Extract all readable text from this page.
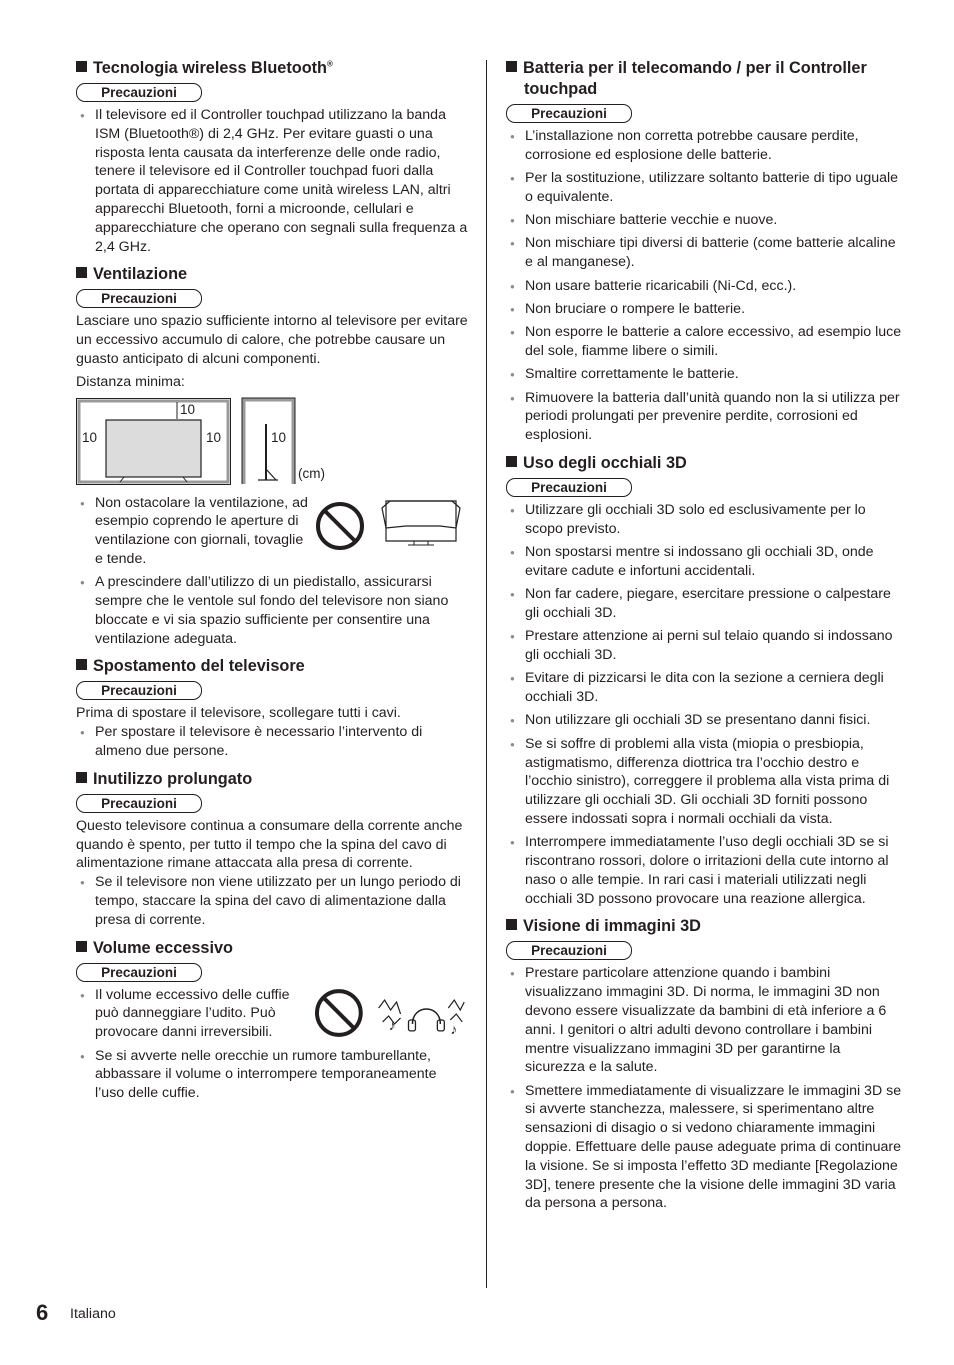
Tecnologia wireless Bluetooth®
Precauzioni
● Il televisore ed il Controller touchpad utilizzano la banda ISM (Bluetooth®) di 2,4 GHz. Per evitare guasti o una risposta lenta causata da interferenze delle onde radio, tenere il televisore ed il Controller touchpad fuori dalla portata di apparecchiature come unità wireless LAN, altri apparecchi Bluetooth, forni a microonde, cellulari e apparecchiature che operano con segnali sulla frequenza a 2,4 GHz.
Ventilazione
Precauzioni

Lasciare uno spazio sufficiente intorno al televisore per evitare un eccessivo accumulo di calore, che potrebbe causare un guasto anticipato di alcuni componenti.

Distanza minima:

10
10	10	10
(cm)
● Non ostacolare la ventilazione, ad esempio coprendo le aperture di ventilazione con giornali, tovaglie e tende.
● A prescindere dall’utilizzo di un piedistallo, assicurarsi sempre che le ventole sul fondo del televisore non siano bloccate e vi sia spazio sufficiente per consentire una ventilazione adeguata.
Spostamento del televisore
Precauzioni

Prima di spostare il televisore, scollegare tutti i cavi.

● Per spostare il televisore è necessario l’intervento di almeno due persone.
Inutilizzo prolungato
Precauzioni

Questo televisore continua a consumare della corrente anche quando è spento, per tutto il tempo che la spina del cavo di alimentazione rimane attaccata alla presa di corrente.

● Se il televisore non viene utilizzato per un lungo periodo di tempo, staccare la spina del cavo di alimentazione dalla presa di corrente.
Volume eccessivo
Precauzioni
● Il volume eccessivo delle cuffie può danneggiare l’udito. Può provocare danni irreversibili.	♪	♪
● Se si avverte nelle orecchie un rumore tamburellante, abbassare il volume o interrompere temporaneamente l’uso delle cuffie.
Batteria per il telecomando / per il Controller touchpad
Precauzioni
● L’installazione non corretta potrebbe causare perdite, corrosione ed esplosione delle batterie.
● Per la sostituzione, utilizzare soltanto batterie di tipo uguale o equivalente.
● Non mischiare batterie vecchie e nuove.
● Non mischiare tipi diversi di batterie (come batterie alcaline e al manganese).
● Non usare batterie ricaricabili (Ni-Cd, ecc.).
● Non bruciare o rompere le batterie.
● Non esporre le batterie a calore eccessivo, ad esempio luce del sole, fiamme libere o simili.
● Smaltire correttamente le batterie.
● Rimuovere la batteria dall’unità quando non la si utilizza per periodi prolungati per prevenire perdite, corrosioni ed esplosioni.
Uso degli occhiali 3D
Precauzioni
● Utilizzare gli occhiali 3D solo ed esclusivamente per lo scopo previsto.
● Non spostarsi mentre si indossano gli occhiali 3D, onde evitare cadute e infortuni accidentali.
● Non far cadere, piegare, esercitare pressione o calpestare gli occhiali 3D.
● Prestare attenzione ai perni sul telaio quando si indossano gli occhiali 3D.
● Evitare di pizzicarsi le dita con la sezione a cerniera degli occhiali 3D.
● Non utilizzare gli occhiali 3D se presentano danni fisici.
● Se si soffre di problemi alla vista (miopia o presbiopia, astigmatismo, differenza diottrica tra l’occhio destro e l’occhio sinistro), correggere il problema alla vista prima di utilizzare gli occhiali 3D. Gli occhiali 3D forniti possono essere indossati sopra i normali occhiali da vista.
● Interrompere immediatamente l’uso degli occhiali 3D se si riscontrano rossori, dolore o irritazioni della cute intorno al naso o alle tempie. In rari casi i materiali utilizzati negli occhiali 3D possono provocare una reazione allergica.
Visione di immagini 3D
Precauzioni
● Prestare particolare attenzione quando i bambini visualizzano immagini 3D. Di norma, le immagini 3D non devono essere visualizzate da bambini di età inferiore a 6 anni. I genitori o altri adulti devono controllare i bambini mentre visualizzano immagini 3D per garantirne la sicurezza e la salute.
● Smettere immediatamente di visualizzare le immagini 3D se si avverte stanchezza, malessere, si sperimentano altre sensazioni di disagio o si vedono chiaramente immagini doppie. Effettuare delle pause adeguate prima di continuare la visione. Se si imposta l’effetto 3D mediante [Regolazione 3D], tenere presente che la visione delle immagini 3D varia da persona a persona.
6 Italiano
